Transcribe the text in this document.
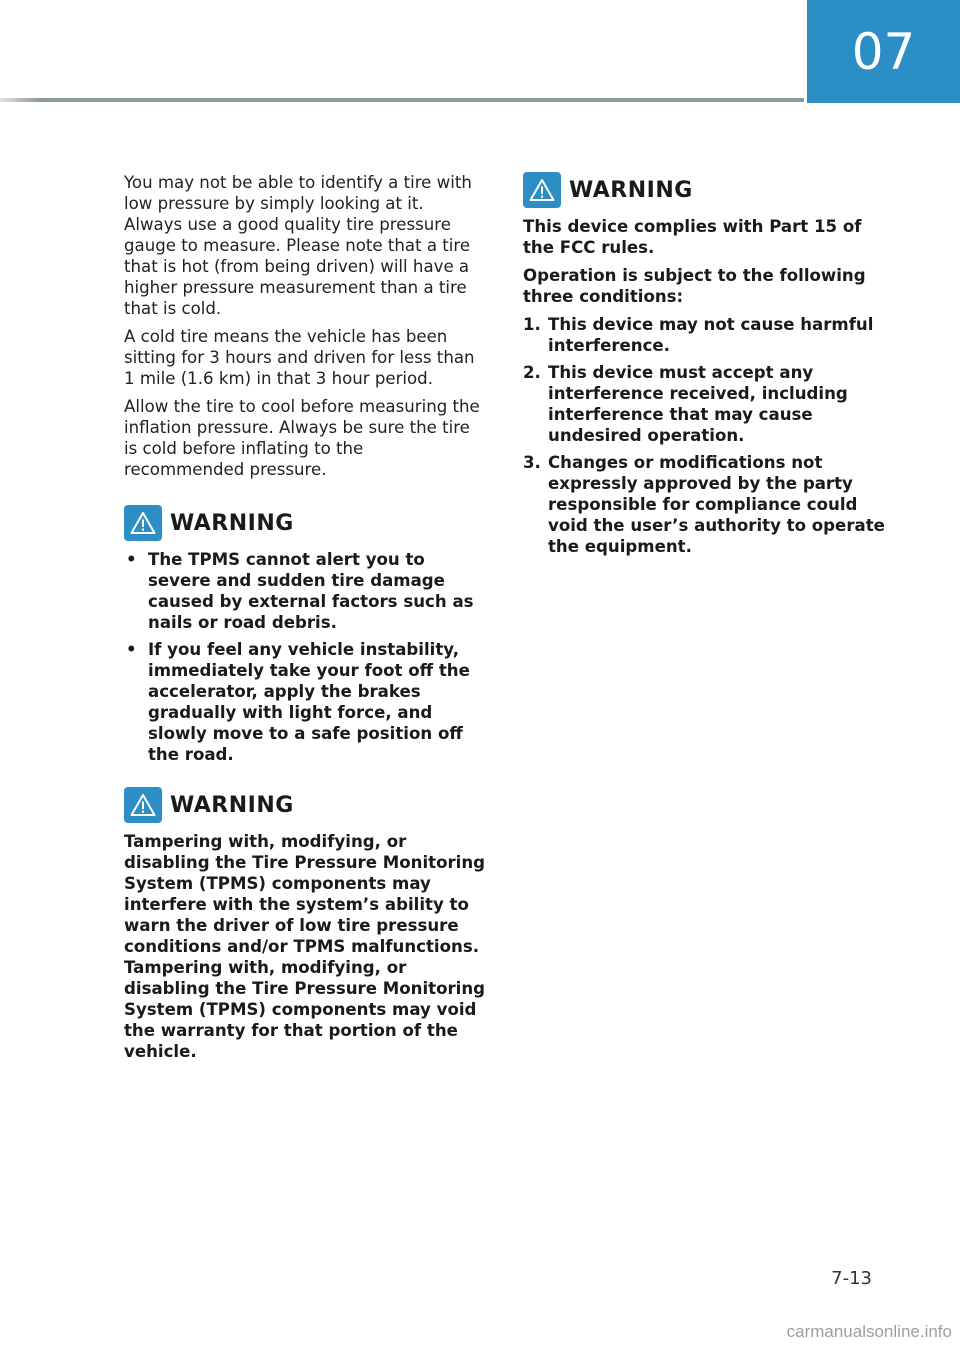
07

You may not be able to identify a tire with low pressure by simply looking at it. Always use a good quality tire pressure gauge to measure. Please note that a tire that is hot (from being driven) will have a higher pressure measurement than a tire that is cold.

A cold tire means the vehicle has been sitting for 3 hours and driven for less than 1 mile (1.6 km) in that 3 hour period.

Allow the tire to cool before measuring the inflation pressure. Always be sure the tire is cold before inflating to the recommended pressure.

WARNING
• The TPMS cannot alert you to severe and sudden tire damage caused by external factors such as nails or road debris.
• If you feel any vehicle instability, immediately take your foot off the accelerator, apply the brakes gradually with light force, and slowly move to a safe position off the road.
WARNING

Tampering with, modifying, or disabling the Tire Pressure Monitoring System (TPMS) components may interfere with the system’s ability to warn the driver of low tire pressure conditions and/or TPMS malfunctions. Tampering with, modifying, or disabling the Tire Pressure Monitoring System (TPMS) components may void the warranty for that portion of the vehicle.

WARNING

This device complies with Part 15 of the FCC rules.

Operation is subject to the following three conditions:

1. This device may not cause harmful interference.
2. This device must accept any interference received, including interference that may cause undesired operation.
3. Changes or modifications not expressly approved by the party responsible for compliance could void the user’s authority to operate the equipment.
7-13
carmanualsonline.info
